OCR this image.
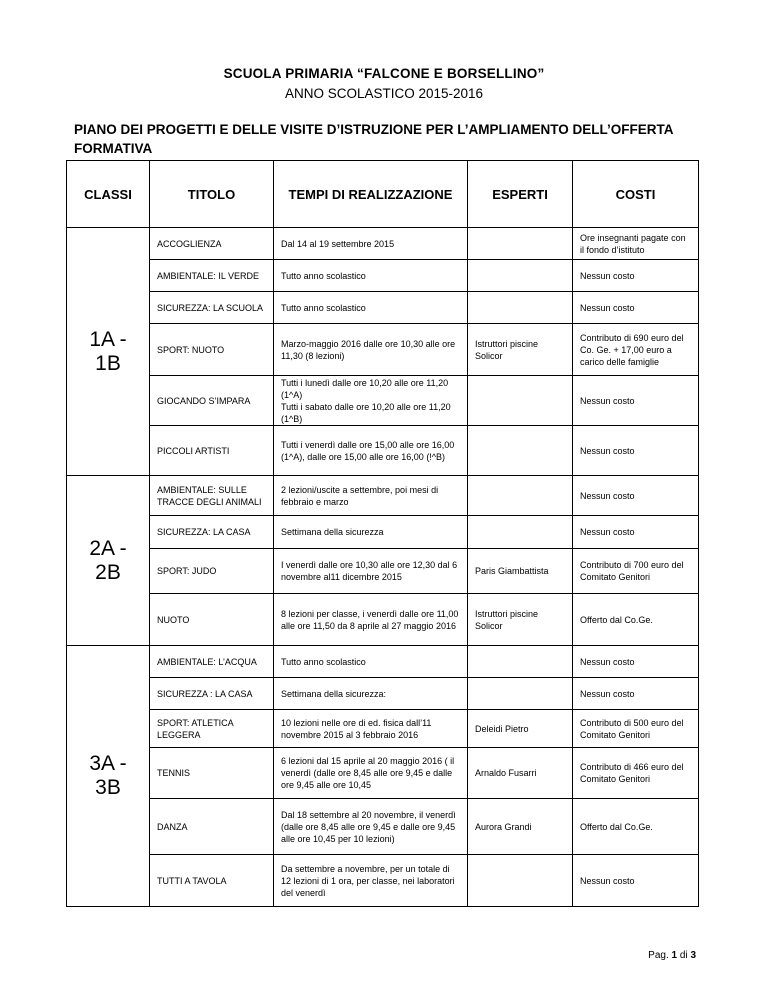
SCUOLA PRIMARIA “FALCONE E BORSELLINO”
ANNO SCOLASTICO 2015-2016
PIANO DEI PROGETTI E DELLE VISITE D’ISTRUZIONE PER L’AMPLIAMENTO DELL’OFFERTA FORMATIVA
CLASSI	TITOLO	TEMPI DI REALIZZAZIONE	ESPERTI	COSTI
1A - 1B	ACCOGLIENZA	Dal 14 al 19 settembre 2015		Ore insegnanti pagate con il fondo d’istituto
	AMBIENTALE: IL VERDE	Tutto anno scolastico		Nessun costo
	SICUREZZA: LA SCUOLA	Tutto anno scolastico		Nessun costo
	SPORT: NUOTO	Marzo-maggio 2016 dalle ore 10,30 alle ore 11,30 (8 lezioni)	Istruttori piscine Solicor	Contributo di 690 euro del Co. Ge. + 17,00 euro a carico delle famiglie
	GIOCANDO S’IMPARA	Tutti i lunedì dalle ore 10,20 alle ore 11,20 (1^A)
Tutti i sabato dalle ore 10,20 alle ore 11,20 (1^B)		Nessun costo
	PICCOLI ARTISTI	Tutti i venerdì dalle ore 15,00 alle ore 16,00 (1^A), dalle ore 15,00 alle ore 16,00 (!^B)		Nessun costo
2A - 2B	AMBIENTALE: SULLE TRACCE DEGLI ANIMALI	2 lezioni/uscite a settembre, poi mesi di febbraio e marzo		Nessun costo
	SICUREZZA: LA CASA	Settimana della sicurezza		Nessun costo
	SPORT: JUDO	I venerdì dalle ore 10,30 alle ore 12,30 dal 6 novembre al11 dicembre 2015	Paris Giambattista	Contributo di 700 euro del Comitato Genitori
	NUOTO	8 lezioni per classe, i venerdì dalle ore 11,00 alle ore 11,50 da 8 aprile al 27 maggio 2016	Istruttori piscine Solicor	Offerto dal Co.Ge.
3A - 3B	AMBIENTALE: L’ACQUA	Tutto anno scolastico		Nessun costo
	SICUREZZA : LA CASA	Settimana della sicurezza:		Nessun costo
	SPORT: ATLETICA LEGGERA	10 lezioni nelle ore di ed. fisica dall’11 novembre 2015 al 3 febbraio 2016	Deleidi Pietro	Contributo di 500 euro del Comitato Genitori
	TENNIS	6 lezioni dal 15 aprile al 20 maggio 2016 ( il venerdì (dalle ore 8,45 alle ore 9,45 e dalle ore 9,45 alle ore 10,45	Arnaldo Fusarri	Contributo di 466 euro del Comitato Genitori
	DANZA	Dal 18 settembre al 20 novembre, il venerdì (dalle ore 8,45 alle ore 9,45 e dalle ore 9,45 alle ore 10,45 per 10 lezioni)	Aurora Grandi	Offerto dal Co.Ge.
	TUTTI A TAVOLA	Da settembre a novembre, per un totale di 12 lezioni di 1 ora, per classe, nei laboratori del venerdì		Nessun costo
Pag. 1 di 3
